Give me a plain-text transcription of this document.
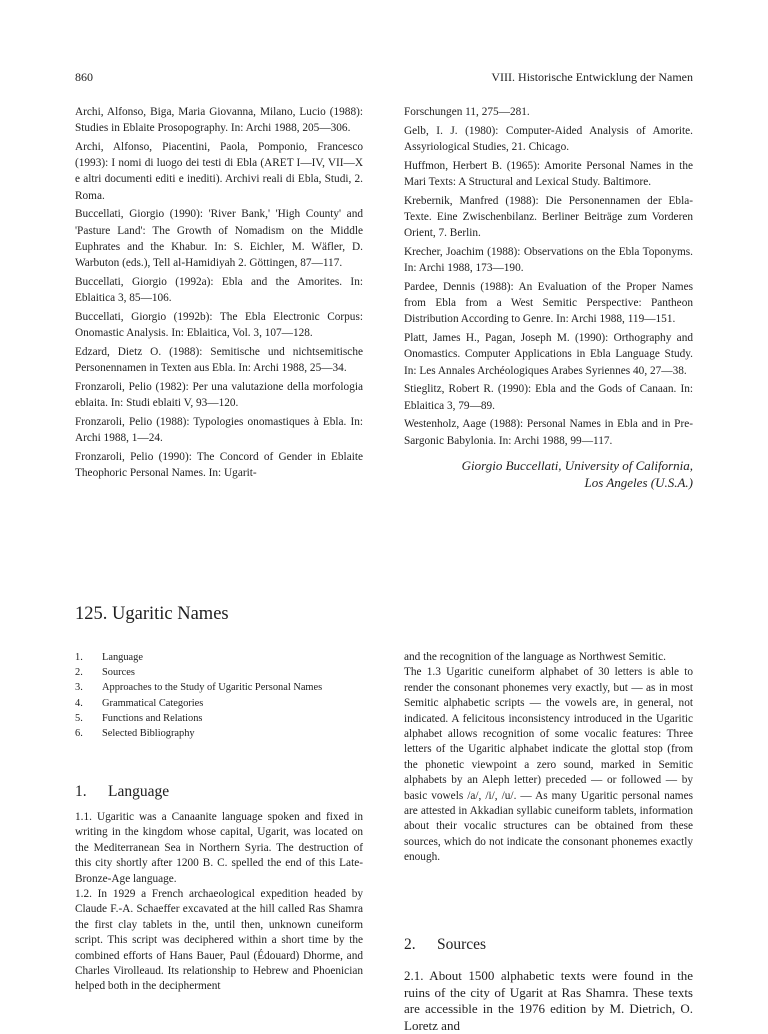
860	VIII. Historische Entwicklung der Namen

Archi, Alfonso, Biga, Maria Giovanna, Milano, Lucio (1988): Studies in Eblaite Prosopography. In: Archi 1988, 205—306.

Archi, Alfonso, Piacentini, Paola, Pomponio, Francesco (1993): I nomi di luogo dei testi di Ebla (ARET I—IV, VII—X e altri documenti editi e inediti). Archivi reali di Ebla, Studi, 2. Roma.

Buccellati, Giorgio (1990): 'River Bank,' 'High County' and 'Pasture Land': The Growth of Nomadism on the Middle Euphrates and the Khabur. In: S. Eichler, M. Wäfler, D. Warbuton (eds.), Tell al-Hamidiyah 2. Göttingen, 87—117.

Buccellati, Giorgio (1992a): Ebla and the Amorites. In: Eblaitica 3, 85—106.

Buccellati, Giorgio (1992b): The Ebla Electronic Corpus: Onomastic Analysis. In: Eblaitica, Vol. 3, 107—128.

Edzard, Dietz O. (1988): Semitische und nichtsemitische Personennamen in Texten aus Ebla. In: Archi 1988, 25—34.

Fronzaroli, Pelio (1982): Per una valutazione della morfologia eblaita. In: Studi eblaiti V, 93—120.

Fronzaroli, Pelio (1988): Typologies onomastiques à Ebla. In: Archi 1988, 1—24.

Fronzaroli, Pelio (1990): The Concord of Gender in Eblaite Theophoric Personal Names. In: Ugarit-

Forschungen 11, 275—281.

Gelb, I. J. (1980): Computer-Aided Analysis of Amorite. Assyriological Studies, 21. Chicago.

Huffmon, Herbert B. (1965): Amorite Personal Names in the Mari Texts: A Structural and Lexical Study. Baltimore.

Krebernik, Manfred (1988): Die Personennamen der Ebla-Texte. Eine Zwischenbilanz. Berliner Beiträge zum Vorderen Orient, 7. Berlin.

Krecher, Joachim (1988): Observations on the Ebla Toponyms. In: Archi 1988, 173—190.

Pardee, Dennis (1988): An Evaluation of the Proper Names from Ebla from a West Semitic Perspective: Pantheon Distribution According to Genre. In: Archi 1988, 119—151.

Platt, James H., Pagan, Joseph M. (1990): Orthography and Onomastics. Computer Applications in Ebla Language Study. In: Les Annales Archéologiques Arabes Syriennes 40, 27—38.

Stieglitz, Robert R. (1990): Ebla and the Gods of Canaan. In: Eblaitica 3, 79—89.

Westenholz, Aage (1988): Personal Names in Ebla and in Pre-Sargonic Babylonia. In: Archi 1988, 99—117.

Giorgio Buccellati, University of California,
Los Angeles (U.S.A.)
125. Ugaritic Names
1.	Language
2.	Sources
3.	Approaches to the Study of Ugaritic Personal Names
4.	Grammatical Categories
5.	Functions and Relations
6.	Selected Bibliography
1. Language

1.1. Ugaritic was a Canaanite language spoken and fixed in writing in the kingdom whose capital, Ugarit, was located on the Mediterranean Sea in Northern Syria. The destruction of this city shortly after 1200 B. C. spelled the end of this Late-Bronze-Age language.

1.2. In 1929 a French archaeological expedition headed by Claude F.-A. Schaeffer excavated at the hill called Ras Shamra the first clay tablets in the, until then, unknown cuneiform script. This script was deciphered within a short time by the combined efforts of Hans Bauer, Paul (Édouard) Dhorme, and Charles Virolleaud. Its relationship to Hebrew and Phoenician helped both in the decipherment

and the recognition of the language as Northwest Semitic.

The 1.3 Ugaritic cuneiform alphabet of 30 letters is able to render the consonant phonemes very exactly, but — as in most Semitic alphabetic scripts — the vowels are, in general, not indicated. A felicitous inconsistency introduced in the Ugaritic alphabet allows recognition of some vocalic features: Three letters of the Ugaritic alphabet indicate the glottal stop (from the phonetic viewpoint a zero sound, marked in Semitic alphabets by an Aleph letter) preceded — or followed — by basic vowels /a/, /i/, /u/. — As many Ugaritic personal names are attested in Akkadian syllabic cuneiform tablets, information about their vocalic structures can be obtained from these sources, which do not indicate the consonant phonemes exactly enough.

2. Sources

2.1. About 1500 alphabetic texts were found in the ruins of the city of Ugarit at Ras Shamra. These texts are accessible in the 1976 edition by M. Dietrich, O. Loretz and
